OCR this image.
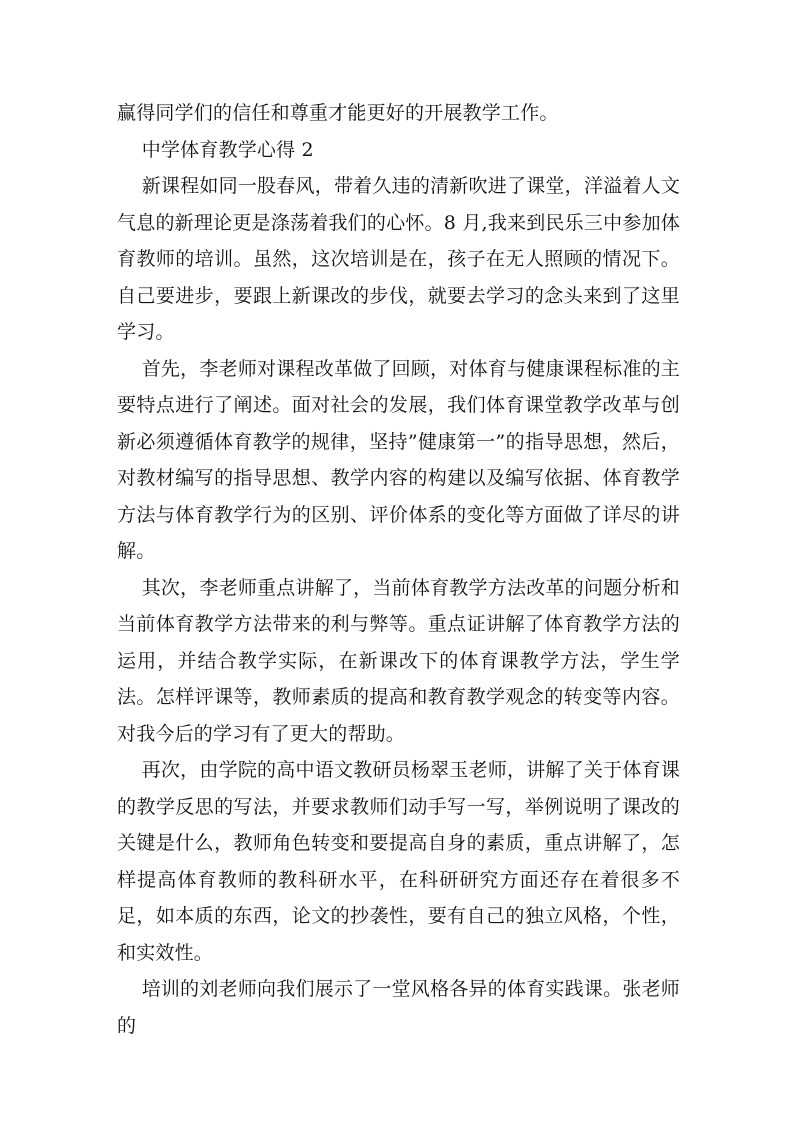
赢得同学们的信任和尊重才能更好的开展教学工作。

中学体育教学心得 2

新课程如同一股春风，带着久违的清新吹进了课堂，洋溢着人文气息的新理论更是涤荡着我们的心怀。8 月,我来到民乐三中参加体育教师的培训。虽然，这次培训是在，孩子在无人照顾的情况下。自己要进步，要跟上新课改的步伐，就要去学习的念头来到了这里学习。

首先，李老师对课程改革做了回顾，对体育与健康课程标准的主要特点进行了阐述。面对社会的发展，我们体育课堂教学改革与创新必须遵循体育教学的规律，坚持”健康第一”的指导思想，然后，对教材编写的指导思想、教学内容的构建以及编写依据、体育教学方法与体育教学行为的区别、评价体系的变化等方面做了详尽的讲解。

其次，李老师重点讲解了，当前体育教学方法改革的问题分析和当前体育教学方法带来的利与弊等。重点证讲解了体育教学方法的运用，并结合教学实际，在新课改下的体育课教学方法，学生学法。怎样评课等，教师素质的提高和教育教学观念的转变等内容。对我今后的学习有了更大的帮助。

再次，由学院的高中语文教研员杨翠玉老师，讲解了关于体育课的教学反思的写法，并要求教师们动手写一写，举例说明了课改的关键是什么，教师角色转变和要提高自身的素质，重点讲解了，怎样提高体育教师的教科研水平，在科研研究方面还存在着很多不足，如本质的东西，论文的抄袭性，要有自己的独立风格，个性，和实效性。

培训的刘老师向我们展示了一堂风格各异的体育实践课。张老师的
